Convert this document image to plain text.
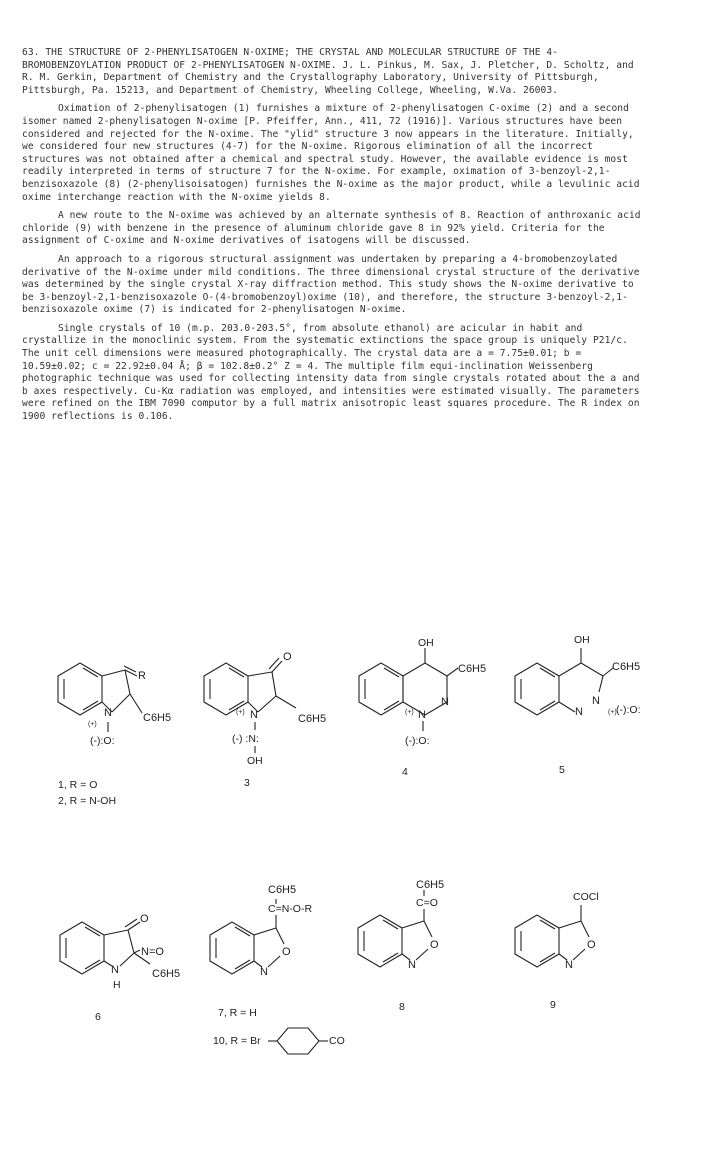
63. THE STRUCTURE OF 2-PHENYLISATOGEN N-OXIME; THE CRYSTAL AND MOLECULAR STRUCTURE OF THE 4-BROMOBENZOYLATION PRODUCT OF 2-PHENYLISATOGEN N-OXIME. J. L. Pinkus, M. Sax, J. Pletcher, D. Scholtz, and R. M. Gerkin, Department of Chemistry and the Crystallography Laboratory, University of Pittsburgh, Pittsburgh, Pa. 15213, and Department of Chemistry, Wheeling College, Wheeling, W.Va. 26003.

Oximation of 2-phenylisatogen (1) furnishes a mixture of 2-phenylisatogen C-oxime (2) and a second isomer named 2-phenylisatogen N-oxime [P. Pfeiffer, Ann., 411, 72 (1916)]. Various structures have been considered and rejected for the N-oxime. The "ylid" structure 3 now appears in the literature. Initially, we considered four new structures (4-7) for the N-oxime. Rigorous elimination of all the incorrect structures was not obtained after a chemical and spectral study. However, the available evidence is most readily interpreted in terms of structure 7 for the N-oxime. For example, oximation of 3-benzoyl-2,1-benzisoxazole (8) (2-phenylisoisatogen) furnishes the N-oxime as the major product, while a levulinic acid oxime interchange reaction with the N-oxime yields 8.

A new route to the N-oxime was achieved by an alternate synthesis of 8. Reaction of anthroxanic acid chloride (9) with benzene in the presence of aluminum chloride gave 8 in 92% yield. Criteria for the assignment of C-oxime and N-oxime derivatives of isatogens will be discussed.

An approach to a rigorous structural assignment was undertaken by preparing a 4-bromobenzoylated derivative of the N-oxime under mild conditions. The three dimensional crystal structure of the derivative was determined by the single crystal X-ray diffraction method. This study shows the N-oxime derivative to be 3-benzoyl-2,1-benzisoxazole O-(4-bromobenzoyl)oxime (10), and therefore, the structure 3-benzoyl-2,1-benzisoxazole oxime (7) is indicated for 2-phenylisatogen N-oxime.

Single crystals of 10 (m.p. 203.0-203.5°, from absolute ethanol) are acicular in habit and crystallize in the monoclinic system. From the systematic extinctions the space group is uniquely P21/c. The unit cell dimensions were measured photographically. The crystal data are a = 7.75±0.01; b = 10.59±0.02; c = 22.92±0.04 Å; β = 102.8±0.2° Z = 4. The multiple film equi-inclination Weissenberg photographic technique was used for collecting intensity data from single crystals rotated about the a and b axes respectively. Cu-Kα radiation was employed, and intensities were estimated visually. The parameters were refined on the IBM 7090 computor by a full matrix anisotropic least squares procedure. The R index on 1900 reflections is 0.106.

R
N	C6H5
(+)
(-):O:
1, R = O
2, R = N-OH
O
N
(+)
C6H5
(-) :N:
OH
3
OH
C6H5
N
N
(+)
(-):O:
4
OH
C6H5
N
N	(+) (-):O:
5
O
N=O
C6H5
N
H
6
O
N
C=N-O-R
C6H5
7, R = H
10, R = Br	CO
O
N
C=O
C6H5
8
O
N
COCl
9
